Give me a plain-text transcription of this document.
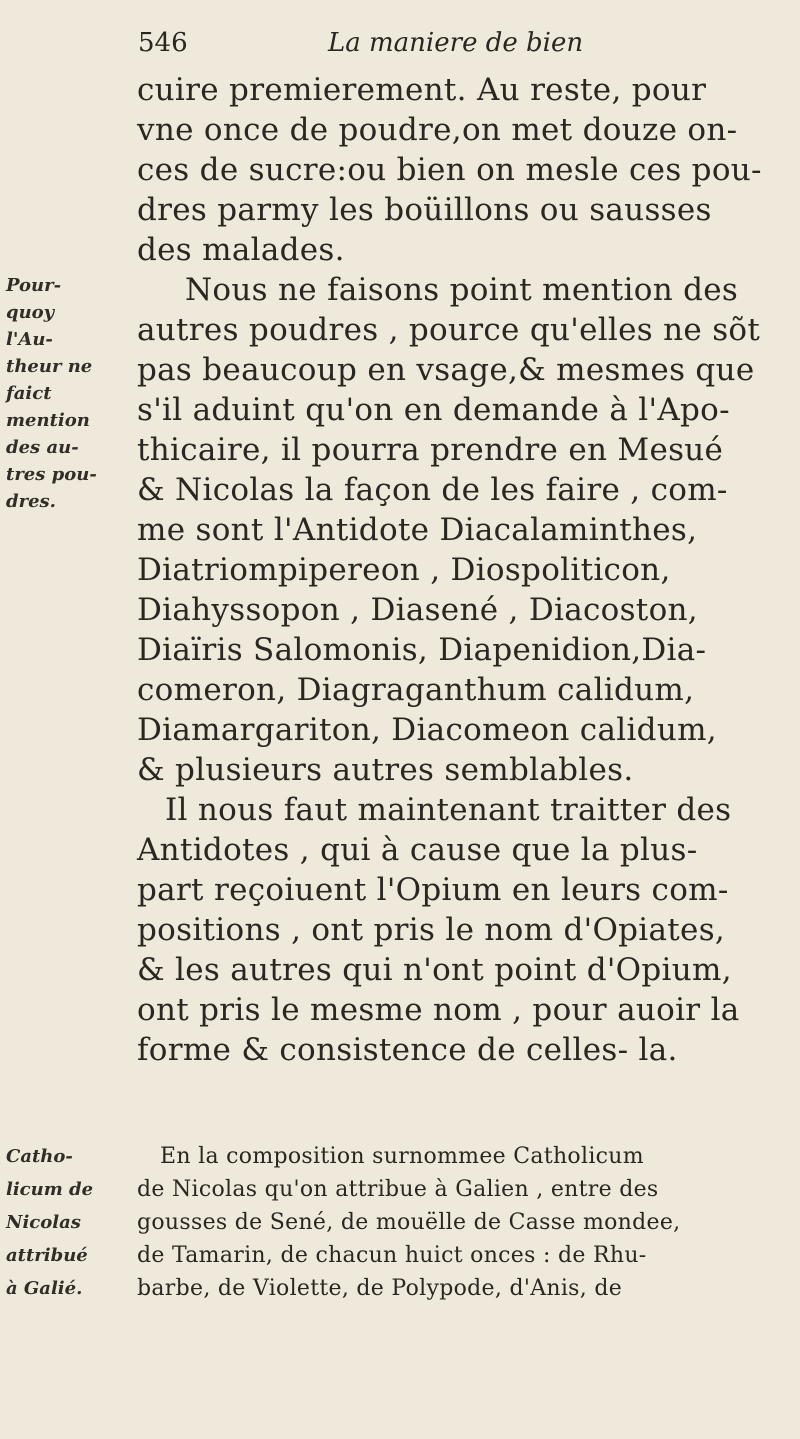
546	La maniere de bien
cuire premierement. Au reste, pour
vne once de poudre,on met douze on-
ces de sucre:ou bien on mesle ces pou-
dres parmy les boüillons ou sausses
des malades.
Nous ne faisons point mention des
autres poudres , pource qu'elles ne sõt
pas beaucoup en vsage,& mesmes que
s'il aduint qu'on en demande à l'Apo-
thicaire, il pourra prendre en Mesué
& Nicolas la façon de les faire , com-
me sont l'Antidote Diacalaminthes,
Diatriompipereon , Diospoliticon,
Diahyssopon , Diasené , Diacoston,
Diaïris Salomonis, Diapenidion,Dia-
comeron, Diagraganthum calidum,
Diamargariton, Diacomeon calidum,
& plusieurs autres semblables.
Il nous faut maintenant traitter des
Antidotes , qui à cause que la plus-
part reçoiuent l'Opium en leurs com-
positions , ont pris le nom d'Opiates,
& les autres qui n'ont point d'Opium,
ont pris le mesme nom , pour auoir la
forme & consistence de celles- la.
Pour-
quoy
l'Au-
theur ne
faict
mention
des au-
tres pou-
dres.
En la composition surnommee Catholicum
de Nicolas qu'on attribue à Galien , entre des
gousses de Sené, de mouëlle de Casse mondee,
de Tamarin, de chacun huict onces : de Rhu-
barbe, de Violette, de Polypode, d'Anis, de
Catho-
licum de
Nicolas
attribué
à Galié.
